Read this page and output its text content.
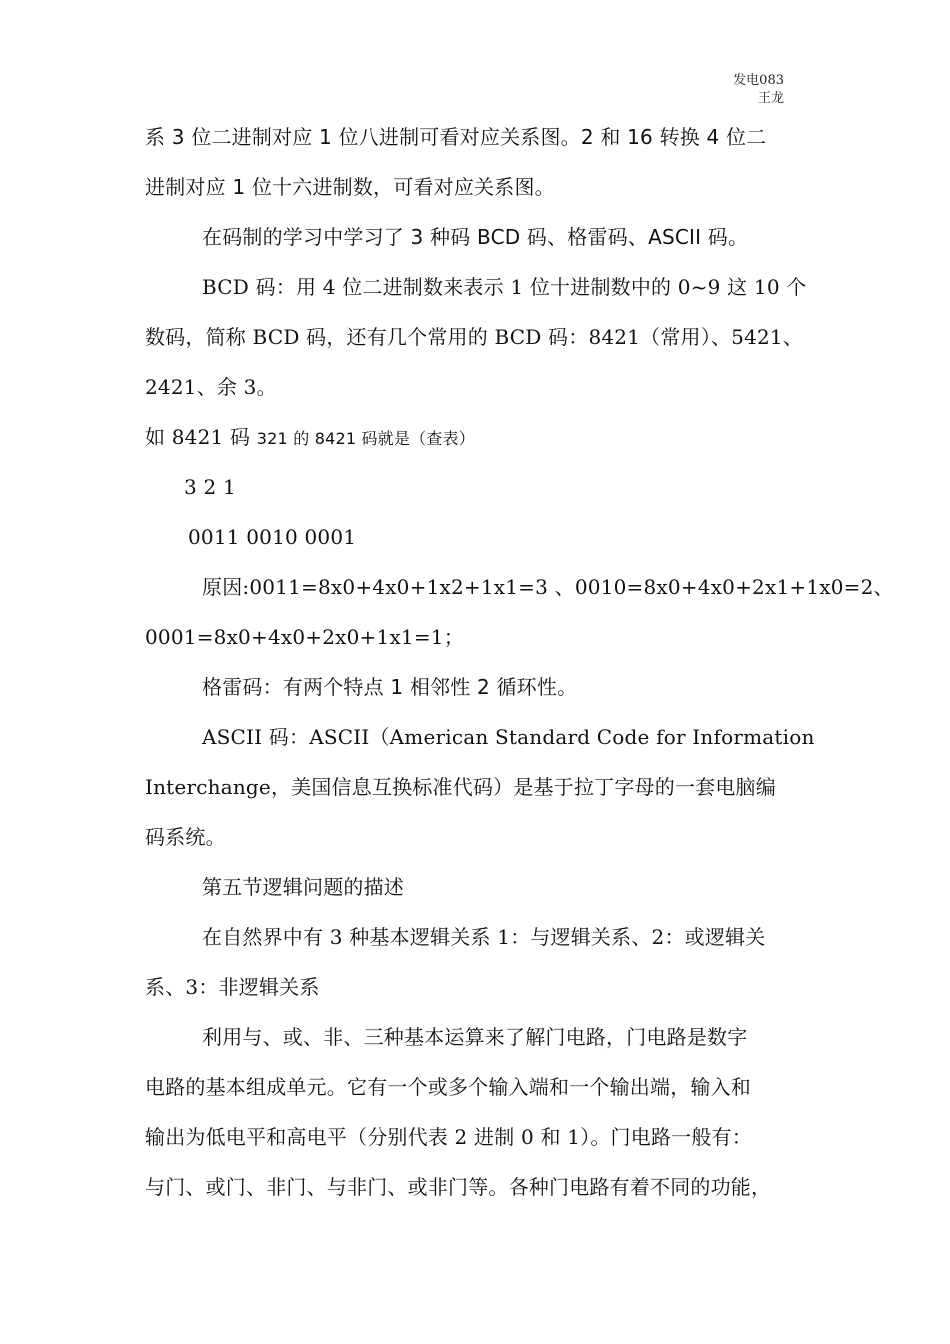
发电083
王龙
系 3 位二进制对应 1 位八进制可看对应关系图。2 和 16 转换 4 位二
进制对应 1 位十六进制数，可看对应关系图。
在码制的学习中学习了 3 种码 BCD 码、格雷码、ASCII 码。
BCD 码：用 4 位二进制数来表示 1 位十进制数中的 0~9 这 10 个
数码，简称 BCD 码，还有几个常用的 BCD 码：8421（常用）、5421、
2421、余 3。
如 8421 码 321 的 8421 码就是（查表）
3 2 1
0011 0010 0001
原因:0011=8x0+4x0+1x2+1x1=3 、0010=8x0+4x0+2x1+1x0=2、
0001=8x0+4x0+2x0+1x1=1；
格雷码：有两个特点 1 相邻性 2 循环性。
ASCII 码：ASCII（American Standard Code for Information
Interchange，美国信息互换标准代码）是基于拉丁字母的一套电脑编
码系统。
第五节逻辑问题的描述
在自然界中有 3 种基本逻辑关系 1：与逻辑关系、2：或逻辑关
系、3：非逻辑关系
利用与、或、非、三种基本运算来了解门电路，门电路是数字
电路的基本组成单元。它有一个或多个输入端和一个输出端，输入和
输出为低电平和高电平（分别代表 2 进制 0 和 1）。门电路一般有：
与门、或门、非门、与非门、或非门等。各种门电路有着不同的功能，
